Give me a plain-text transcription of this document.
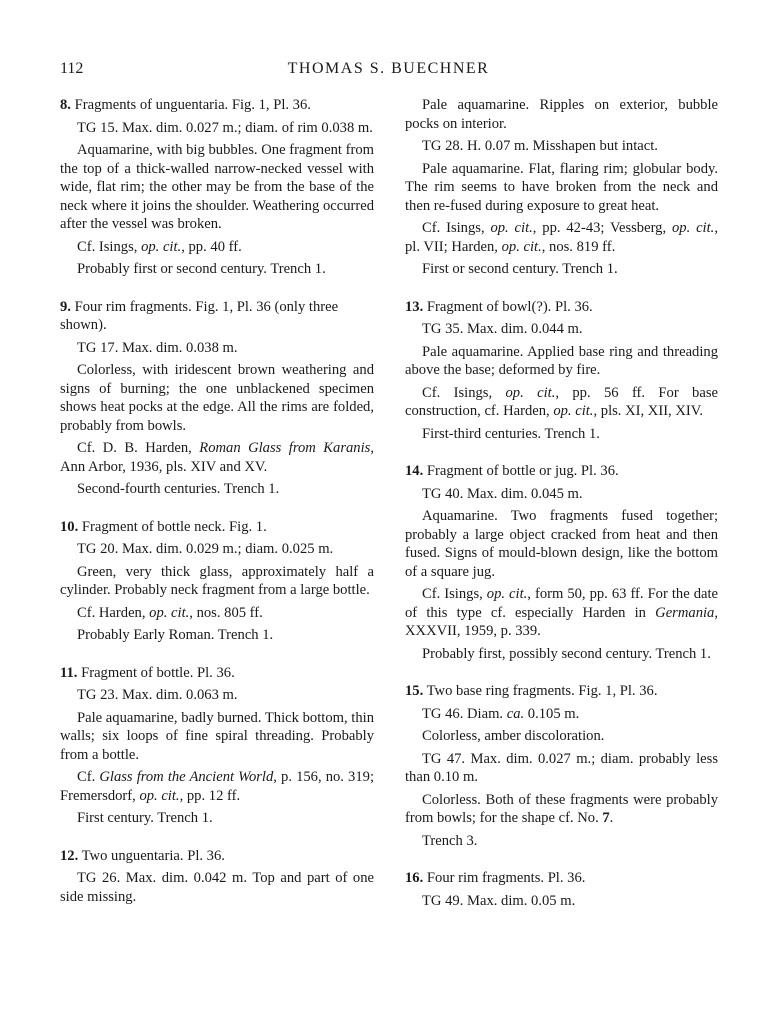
112	THOMAS S. BUECHNER

8. Fragments of unguentaria. Fig. 1, Pl. 36.

TG 15. Max. dim. 0.027 m.; diam. of rim 0.038 m.

Aquamarine, with big bubbles. One fragment from the top of a thick-walled narrow-necked vessel with wide, flat rim; the other may be from the base of the neck where it joins the shoulder. Weathering occurred after the vessel was broken.

Cf. Isings, op. cit., pp. 40 ff.

Probably first or second century. Trench 1.

9. Four rim fragments. Fig. 1, Pl. 36 (only three shown).

TG 17. Max. dim. 0.038 m.

Colorless, with iridescent brown weathering and signs of burning; the one unblackened specimen shows heat pocks at the edge. All the rims are folded, probably from bowls.

Cf. D. B. Harden, Roman Glass from Karanis, Ann Arbor, 1936, pls. XIV and XV.

Second-fourth centuries. Trench 1.

10. Fragment of bottle neck. Fig. 1.

TG 20. Max. dim. 0.029 m.; diam. 0.025 m.

Green, very thick glass, approximately half a cylinder. Probably neck fragment from a large bottle.

Cf. Harden, op. cit., nos. 805 ff.

Probably Early Roman. Trench 1.

11. Fragment of bottle. Pl. 36.

TG 23. Max. dim. 0.063 m.

Pale aquamarine, badly burned. Thick bottom, thin walls; six loops of fine spiral threading. Probably from a bottle.

Cf. Glass from the Ancient World, p. 156, no. 319; Fremersdorf, op. cit., pp. 12 ff.

First century. Trench 1.

12. Two unguentaria. Pl. 36.

TG 26. Max. dim. 0.042 m. Top and part of one side missing.

Pale aquamarine. Ripples on exterior, bubble pocks on interior.

TG 28. H. 0.07 m. Misshapen but intact.

Pale aquamarine. Flat, flaring rim; globular body. The rim seems to have broken from the neck and then re-fused during exposure to great heat.

Cf. Isings, op. cit., pp. 42-43; Vessberg, op. cit., pl. VII; Harden, op. cit., nos. 819 ff.

First or second century. Trench 1.

13. Fragment of bowl(?). Pl. 36.

TG 35. Max. dim. 0.044 m.

Pale aquamarine. Applied base ring and threading above the base; deformed by fire.

Cf. Isings, op. cit., pp. 56 ff. For base construction, cf. Harden, op. cit., pls. XI, XII, XIV.

First-third centuries. Trench 1.

14. Fragment of bottle or jug. Pl. 36.

TG 40. Max. dim. 0.045 m.

Aquamarine. Two fragments fused together; probably a large object cracked from heat and then fused. Signs of mould-blown design, like the bottom of a square jug.

Cf. Isings, op. cit., form 50, pp. 63 ff. For the date of this type cf. especially Harden in Germania, XXXVII, 1959, p. 339.

Probably first, possibly second century. Trench 1.

15. Two base ring fragments. Fig. 1, Pl. 36.

TG 46. Diam. ca. 0.105 m.

Colorless, amber discoloration.

TG 47. Max. dim. 0.027 m.; diam. probably less than 0.10 m.

Colorless. Both of these fragments were probably from bowls; for the shape cf. No. 7.

Trench 3.

16. Four rim fragments. Pl. 36.

TG 49. Max. dim. 0.05 m.
